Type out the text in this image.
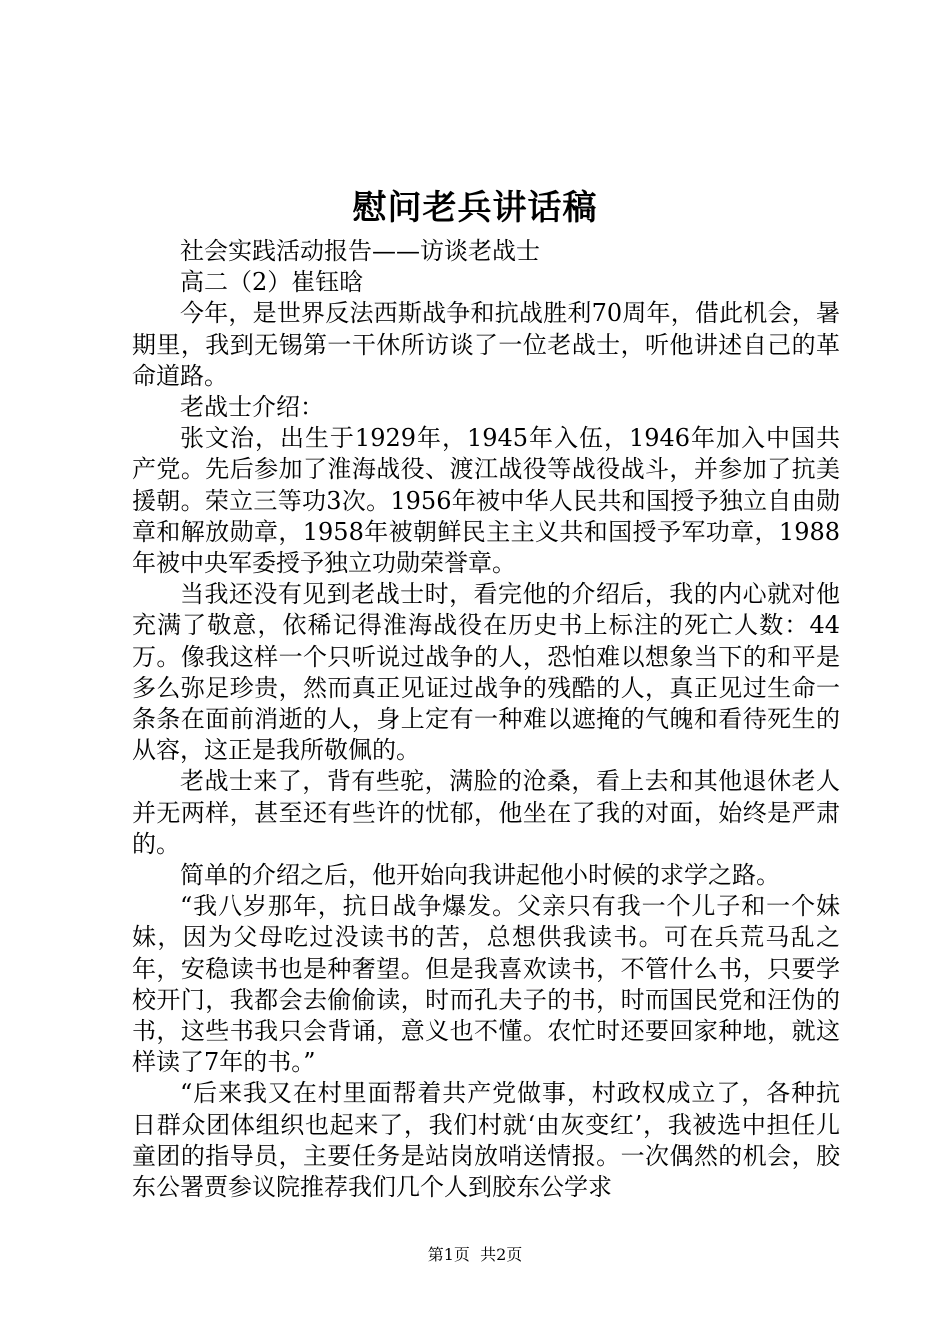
慰问老兵讲话稿

社会实践活动报告——访谈老战士

高二（2）崔钰晗

今年，是世界反法西斯战争和抗战胜利70周年，借此机会，暑期里，我到无锡第一干休所访谈了一位老战士，听他讲述自己的革命道路。

老战士介绍：

张文治，出生于1929年，1945年入伍，1946年加入中国共产党。先后参加了淮海战役、渡江战役等战役战斗，并参加了抗美援朝。荣立三等功3次。1956年被中华人民共和国授予独立自由勋章和解放勋章，1958年被朝鲜民主主义共和国授予军功章，1988年被中央军委授予独立功勋荣誉章。

当我还没有见到老战士时，看完他的介绍后，我的内心就对他充满了敬意，依稀记得淮海战役在历史书上标注的死亡人数：44万。像我这样一个只听说过战争的人，恐怕难以想象当下的和平是多么弥足珍贵，然而真正见证过战争的残酷的人，真正见过生命一条条在面前消逝的人，身上定有一种难以遮掩的气魄和看待死生的从容，这正是我所敬佩的。

老战士来了，背有些驼，满脸的沧桑，看上去和其他退休老人并无两样，甚至还有些许的忧郁，他坐在了我的对面，始终是严肃的。

简单的介绍之后，他开始向我讲起他小时候的求学之路。

“我八岁那年，抗日战争爆发。父亲只有我一个儿子和一个妹妹，因为父母吃过没读书的苦，总想供我读书。可在兵荒马乱之年，安稳读书也是种奢望。但是我喜欢读书，不管什么书，只要学校开门，我都会去偷偷读，时而孔夫子的书，时而国民党和汪伪的书，这些书我只会背诵，意义也不懂。农忙时还要回家种地，就这样读了7年的书。”

“后来我又在村里面帮着共产党做事，村政权成立了，各种抗日群众团体组织也起来了，我们村就‘由灰变红’，我被选中担任儿童团的指导员，主要任务是站岗放哨送情报。一次偶然的机会，胶东公署贾参议院推荐我们几个人到胶东公学求

第1页 共2页
